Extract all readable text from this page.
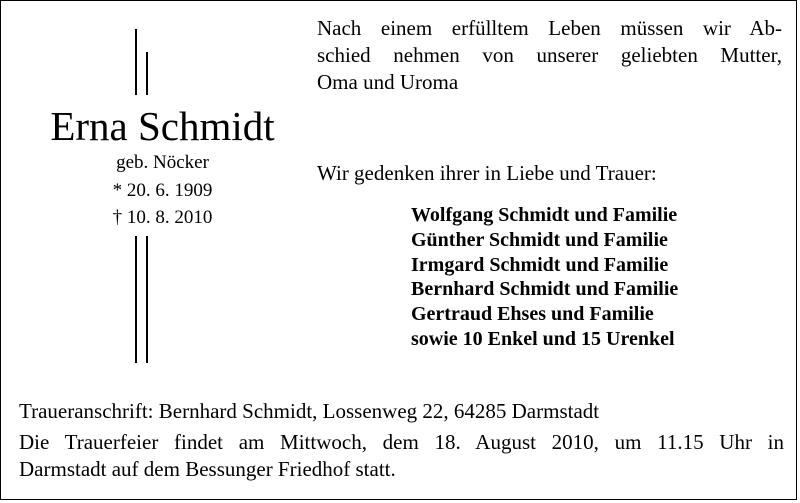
Erna Schmidt
geb. Nöcker
* 20. 6. 1909
† 10. 8. 2010
Nach einem erfülltem Leben müssen wir Ab-
schied nehmen von unserer geliebten Mutter,
Oma und Uroma
Wir gedenken ihrer in Liebe und Trauer:
Wolfgang Schmidt und Familie
Günther Schmidt und Familie
Irmgard Schmidt und Familie
Bernhard Schmidt und Familie
Gertraud Ehses und Familie
sowie 10 Enkel und 15 Urenkel
Traueranschrift: Bernhard Schmidt, Lossenweg 22, 64285 Darmstadt
Die Trauerfeier findet am Mittwoch, dem 18. August 2010, um 11.15 Uhr in
Darmstadt auf dem Bessunger Friedhof statt.
